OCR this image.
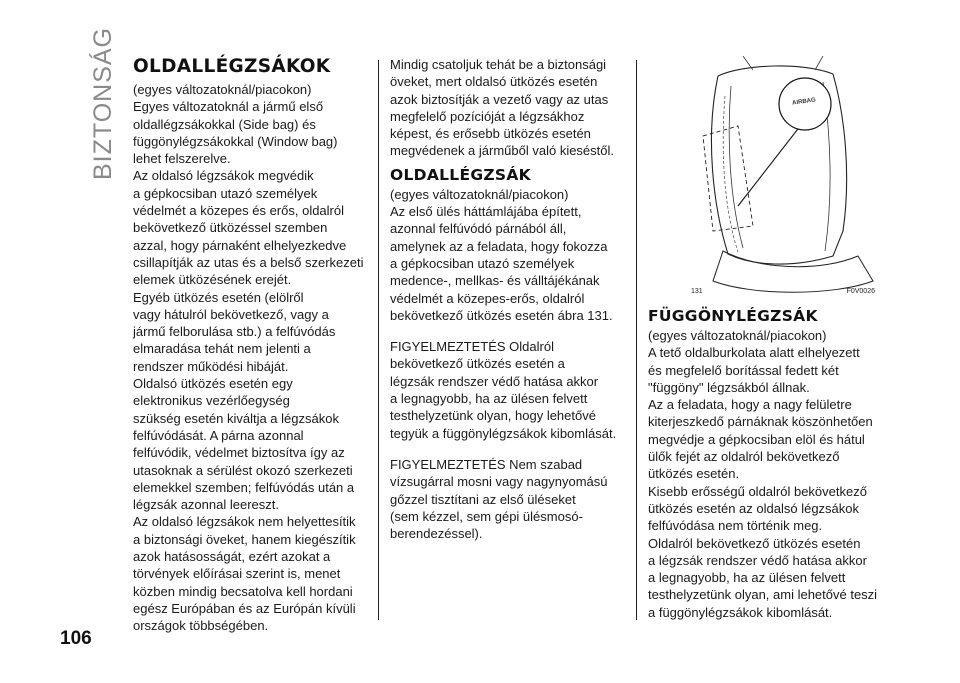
BIZTONSÁG
106
OLDALLÉGZSÁKOK

(egyes változatoknál/piacokon)
Egyes változatoknál a jármű első
oldallégzsákokkal (Side bag) és
függönylégzsákokkal (Window bag)
lehet felszerelve.

Az oldalsó légzsákok megvédik
a gépkocsiban utazó személyek
védelmét a közepes és erős, oldalról
bekövetkező ütközéssel szemben
azzal, hogy párnaként elhelyezkedve
csillapítják az utas és a belső szerkezeti
elemek ütközésének erejét.

Egyéb ütközés esetén (elölről
vagy hátulról bekövetkező, vagy a
jármű felborulása stb.) a felfúvódás
elmaradása tehát nem jelenti a
rendszer működési hibáját.

Oldalsó ütközés esetén egy
elektronikus vezérlőegység
szükség esetén kiváltja a légzsákok
felfúvódását. A párna azonnal
felfúvódik, védelmet biztosítva így az
utasoknak a sérülést okozó szerkezeti
elemekkel szemben; felfúvódás után a
légzsák azonnal leereszt.

Az oldalsó légzsákok nem helyettesítik
a biztonsági öveket, hanem kiegészítik
azok hatásosságát, ezért azokat a
törvények előírásai szerint is, menet
közben mindig becsatolva kell hordani
egész Európában és az Európán kívüli
országok többségében.

Mindig csatoljuk tehát be a biztonsági
öveket, mert oldalsó ütközés esetén
azok biztosítják a vezető vagy az utas
megfelelő pozícióját a légzsákhoz
képest, és erősebb ütközés esetén
megvédenek a járműből való kieséstől.

OLDALLÉGZSÁK

(egyes változatoknál/piacokon)

Az első ülés háttámlájába épített,
azonnal felfúvódó párnából áll,
amelynek az a feladata, hogy fokozza
a gépkocsiban utazó személyek
medence-, mellkas- és válltájékának
védelmét a közepes-erős, oldalról
bekövetkező ütközés esetén ábra 131.

FIGYELMEZTETÉS Oldalról
bekövetkező ütközés esetén a
légzsák rendszer védő hatása akkor
a legnagyobb, ha az ülésen felvett
testhelyzetünk olyan, hogy lehetővé
tegyük a függönylégzsákok kibomlását.

FIGYELMEZTETÉS Nem szabad
vízsugárral mosni vagy nagynyomású
gőzzel tisztítani az első üléseket
(sem kézzel, sem gépi ülésmosó-
berendezéssel).

AIRBAG
131	F0V0026
FÜGGÖNYLÉGZSÁK

(egyes változatoknál/piacokon)
A tető oldalburkolata alatt elhelyezett
és megfelelő borítással fedett két
"függöny" légzsákból állnak.

Az a feladata, hogy a nagy felületre
kiterjeszkedő párnáknak köszönhetően
megvédje a gépkocsiban elöl és hátul
ülők fejét az oldalról bekövetkező
ütközés esetén.

Kisebb erősségű oldalról bekövetkező
ütközés esetén az oldalsó légzsákok
felfúvódása nem történik meg.

Oldalról bekövetkező ütközés esetén
a légzsák rendszer védő hatása akkor
a legnagyobb, ha az ülésen felvett
testhelyzetünk olyan, ami lehetővé teszi
a függönylégzsákok kibomlását.
